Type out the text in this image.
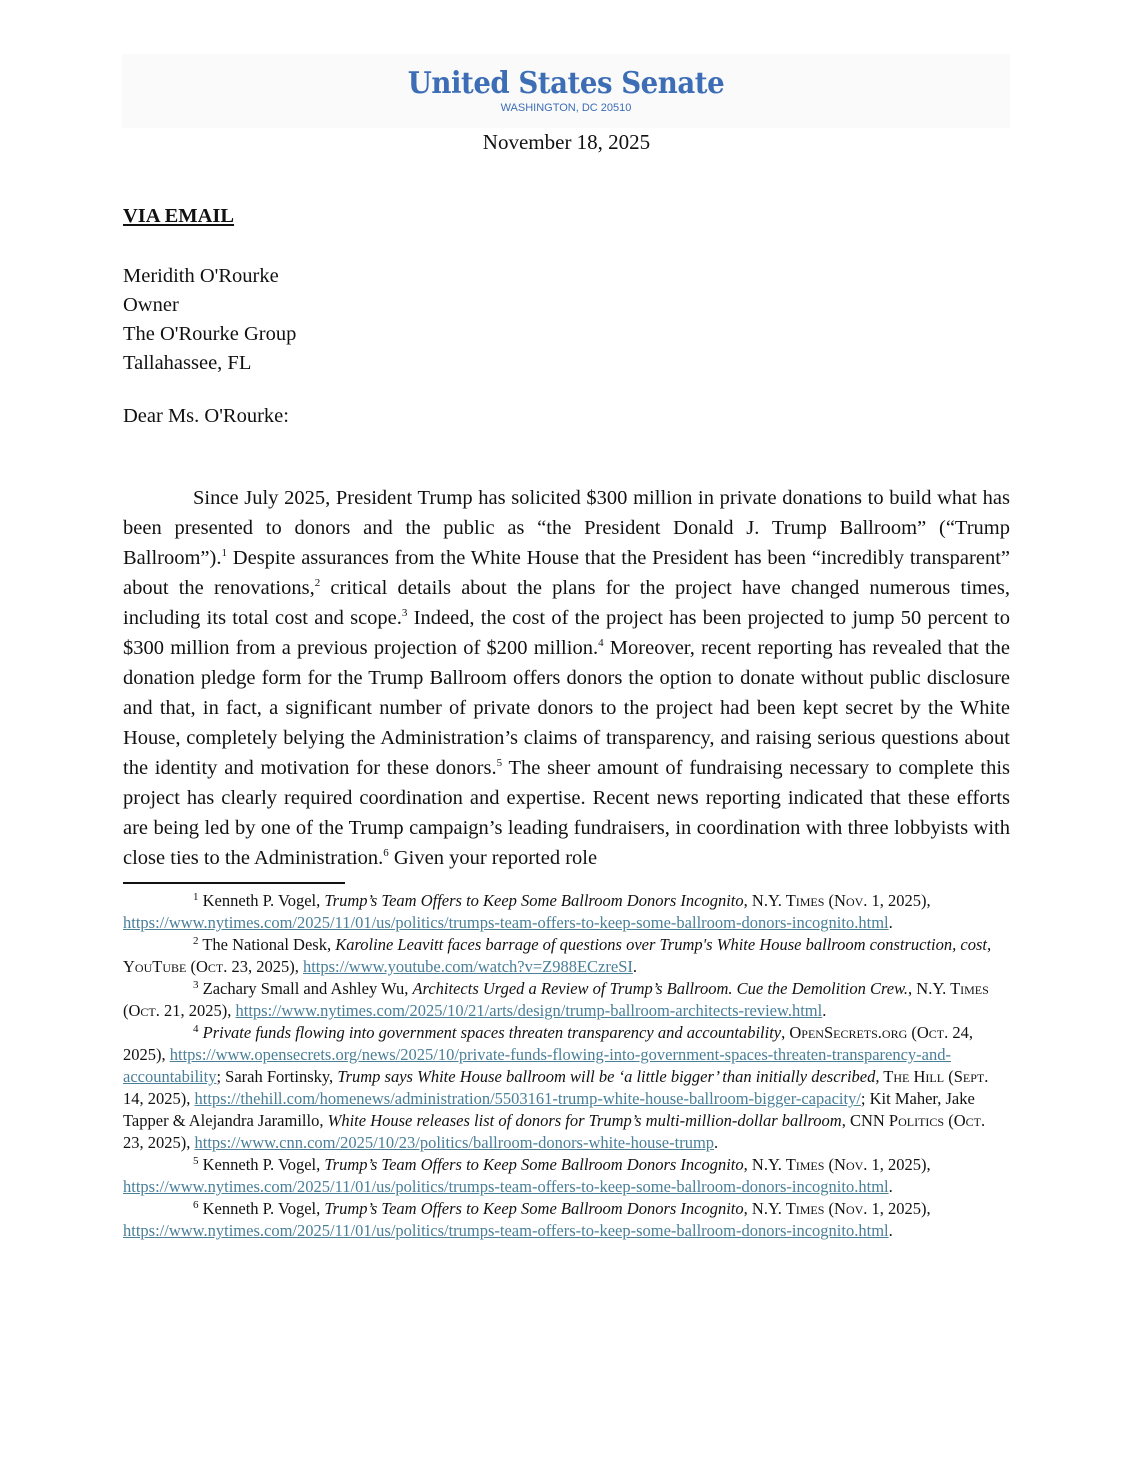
United States Senate
WASHINGTON, DC 20510
November 18, 2025
VIA EMAIL
Meridith O'Rourke
Owner
The O'Rourke Group
Tallahassee, FL
Dear Ms. O'Rourke:

Since July 2025, President Trump has solicited $300 million in private donations to build what has been presented to donors and the public as “the President Donald J. Trump Ballroom” (“Trump Ballroom”).$^1$ Despite assurances from the White House that the President has been “incredibly transparent” about the renovations,$^2$ critical details about the plans for the project have changed numerous times, including its total cost and scope.$^3$ Indeed, the cost of the project has been projected to jump 50 percent to $300 million from a previous projection of $200 million.$^4$ Moreover, recent reporting has revealed that the donation pledge form for the Trump Ballroom offers donors the option to donate without public disclosure and that, in fact, a significant number of private donors to the project had been kept secret by the White House, completely belying the Administration’s claims of transparency, and raising serious questions about the identity and motivation for these donors.$^5$ The sheer amount of fundraising necessary to complete this project has clearly required coordination and expertise. Recent news reporting indicated that these efforts are being led by one of the Trump campaign’s leading fundraisers, in coordination with three lobbyists with close ties to the Administration.$^6$ Given your reported role

$^1$ Kenneth P. Vogel, Trump’s Team Offers to Keep Some Ballroom Donors Incognito, N.Y. Times (Nov. 1, 2025), https://www.nytimes.com/2025/11/01/us/politics/trumps-team-offers-to-keep-some-ballroom-donors-incognito.html.

$^2$ The National Desk, Karoline Leavitt faces barrage of questions over Trump's White House ballroom construction, cost, YouTube (Oct. 23, 2025), https://www.youtube.com/watch?v=Z988ECzreSI.

$^3$ Zachary Small and Ashley Wu, Architects Urged a Review of Trump’s Ballroom. Cue the Demolition Crew., N.Y. Times (Oct. 21, 2025), https://www.nytimes.com/2025/10/21/arts/design/trump-ballroom-architects-review.html.

$^4$ Private funds flowing into government spaces threaten transparency and accountability, OpenSecrets.org (Oct. 24, 2025), https://www.opensecrets.org/news/2025/10/private-funds-flowing-into-government-spaces-threaten-transparency-and-accountability; Sarah Fortinsky, Trump says White House ballroom will be ‘a little bigger’ than initially described, The Hill (Sept. 14, 2025), https://thehill.com/homenews/administration/5503161-trump-white-house-ballroom-bigger-capacity/; Kit Maher, Jake Tapper & Alejandra Jaramillo, White House releases list of donors for Trump’s multi-million-dollar ballroom, CNN Politics (Oct. 23, 2025), https://www.cnn.com/2025/10/23/politics/ballroom-donors-white-house-trump.

$^5$ Kenneth P. Vogel, Trump’s Team Offers to Keep Some Ballroom Donors Incognito, N.Y. Times (Nov. 1, 2025), https://www.nytimes.com/2025/11/01/us/politics/trumps-team-offers-to-keep-some-ballroom-donors-incognito.html.

$^6$ Kenneth P. Vogel, Trump’s Team Offers to Keep Some Ballroom Donors Incognito, N.Y. Times (Nov. 1, 2025), https://www.nytimes.com/2025/11/01/us/politics/trumps-team-offers-to-keep-some-ballroom-donors-incognito.html.
